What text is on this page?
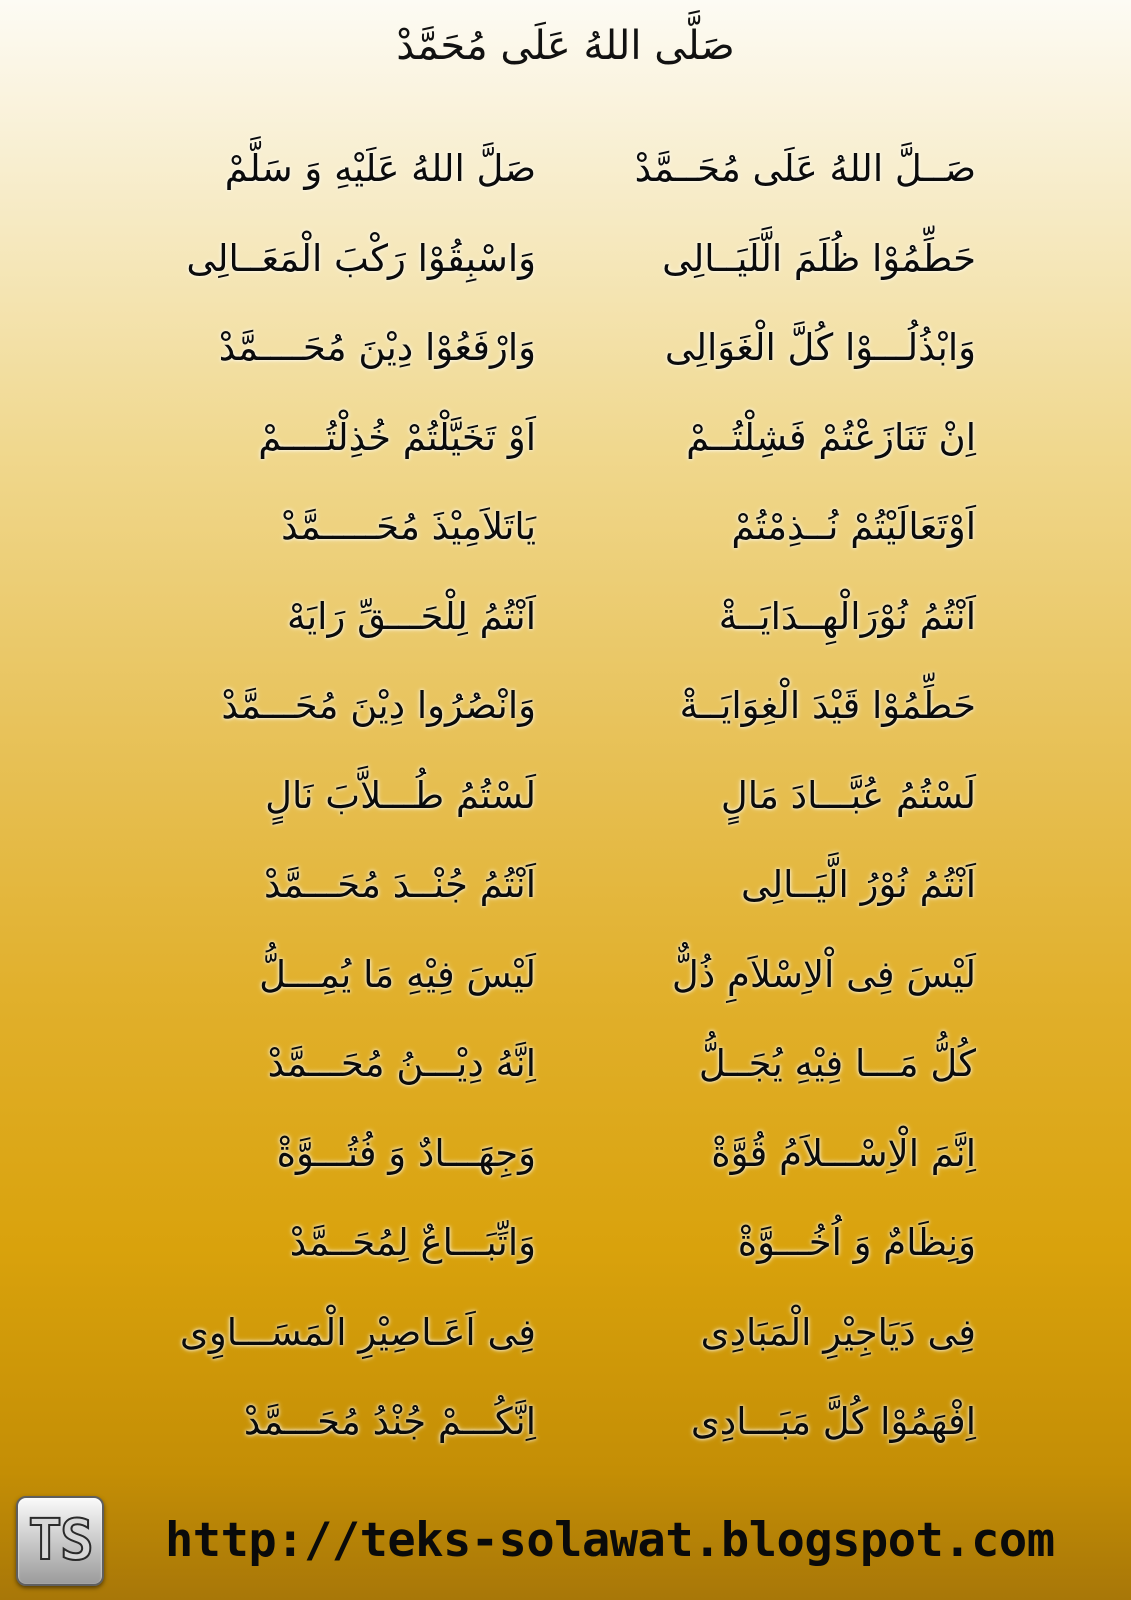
صَلَّى اللهُ عَلَى مُحَمَّدْ
صَــلَّ اللهُ عَلَى مُحَــمَّدْ
صَلَّ اللهُ عَلَيْهِ وَ سَلَّمْ
حَطِّمُوْا ظُلَمَ الَّلَيَــالِى
وَاسْبِقُوْا رَكْبَ الْمَعَــالِى
وَابْذُلُـــوْا كُلَّ الْغَوَالِى
وَارْفَعُوْا دِيْنَ مُحَــــمَّدْ
اِنْ تَنَازَعْتُمْ فَشِلْتُــمْ
اَوْ تَخَيَّلْتُمْ خُذِلْتُــــمْ
اَوْتَعَالَيْتُمْ نُــذِمْتُمْ
يَاتَلاَمِيْذَ مُحَـــــمَّدْ
اَنْتُمُ نُوْرَالْهِــدَايَــةْ
اَنْتُمُ لِلْحَـــقِّ رَايَهْ
حَطِّمُوْا قَيْدَ الْغِوَايَــةْ
وَانْصُرُوا دِيْنَ مُحَـــمَّدْ
لَسْتُمُ عُبَّـــادَ مَالٍ
لَسْتُمُ طُـــلاَّبَ نَالٍ
اَنْتُمُ نُوْرُ الَّيَــالِى
اَنْتُمُ جُنْــدَ مُحَـــمَّدْ
لَيْسَ فِى اْلاِسْلاَمِ ذُلٌّ
لَيْسَ فِيْهِ مَا يُمِـــلُّ
كُلُّ مَـــا فِيْهِ يُجَــلُّ
اِنَّهُ دِيْـــنُ مُحَـــمَّدْ
اِنَّمَ الْاِسْـــلاَمُ قُوَّةْ
وَجِهَـــادٌ وَ فُتُـــوَّةْ
وَنِظَامٌ وَ اُخُـــوَّةْ
وَاتِّبَـــاعٌ لِمُحَــمَّدْ
فِى دَيَاجِيْرِ الْمَبَادِى
فِى اَعَـاصِيْرِ الْمَسَـــاوِى
اِفْهَمُوْا كُلَّ مَبَـــادِى
اِنَّكُـــمْ جُنْدُ مُحَـــمَّدْ
TS http://teks-solawat.blogspot.com
